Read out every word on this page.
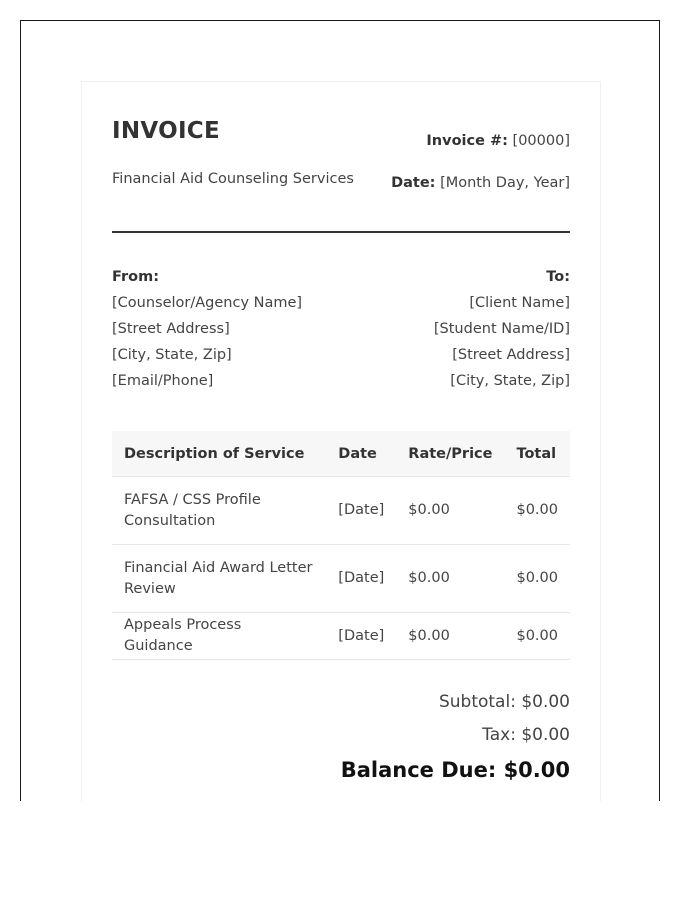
INVOICE
Financial Aid Counseling Services
Invoice #: [00000]
Date: [Month Day, Year]
From:
[Counselor/Agency Name]
[Street Address]
[City, State, Zip]
[Email/Phone]
To:
[Client Name]
[Student Name/ID]
[Street Address]
[City, State, Zip]
Description of Service	Date	Rate/Price	Total
FAFSA / CSS Profile Consultation	[Date]	$0.00	$0.00
Financial Aid Award Letter Review	[Date]	$0.00	$0.00
Appeals Process Guidance	[Date]	$0.00	$0.00
Subtotal: $0.00
Tax: $0.00
Balance Due: $0.00
